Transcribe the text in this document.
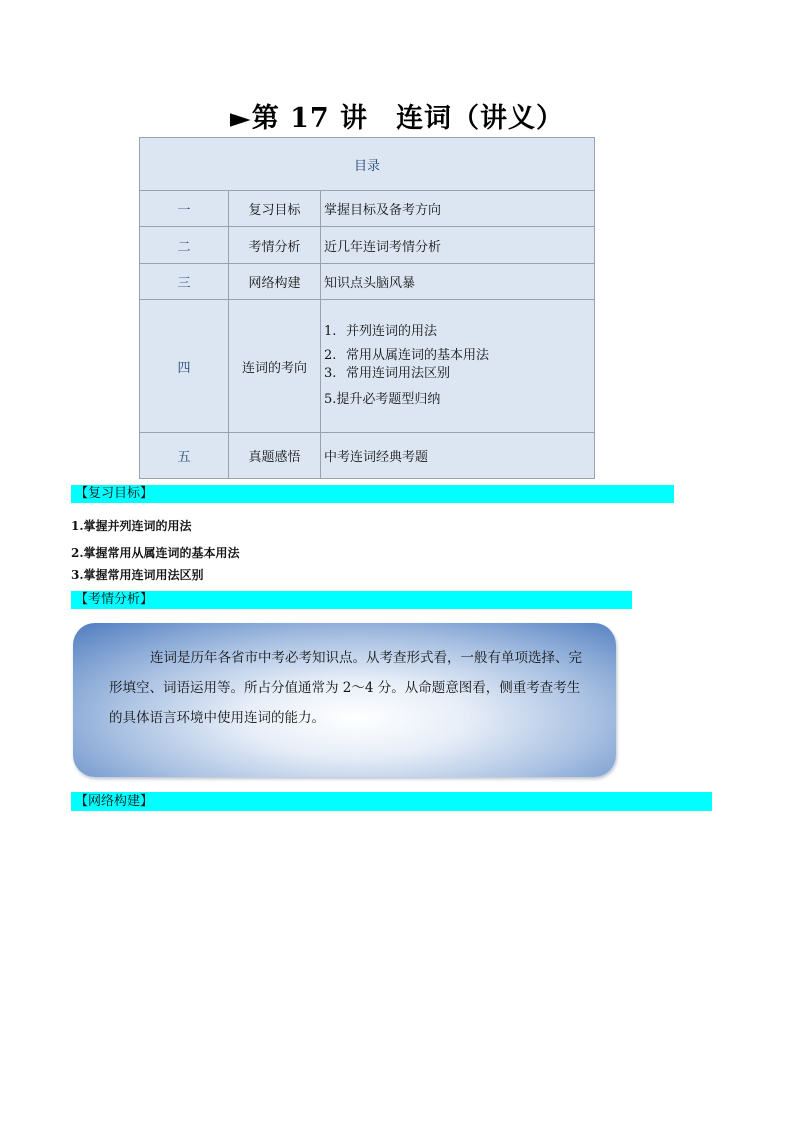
►第 17 讲 连词（讲义）
目录		
一	复习目标	掌握目标及备考方向
二	考情分析	近几年连词考情分析
三	网络构建	知识点头脑风暴
四	连词的考向	1. 并列连词的用法
2. 常用从属连词的基本用法
3. 常用连词用法区别
5.提升必考题型归纳

五	真题感悟	中考连词经典考题
【复习目标】
1.掌握并列连词的用法
2.掌握常用从属连词的基本用法
3.掌握常用连词用法区别
【考情分析】
连词是历年各省市中考必考知识点。从考查形式看，一般有单项选择、完形填空、词语运用等。所占分值通常为 2～4 分。从命题意图看，侧重考查考生的具体语言环境中使用连词的能力。
【网络构建】
